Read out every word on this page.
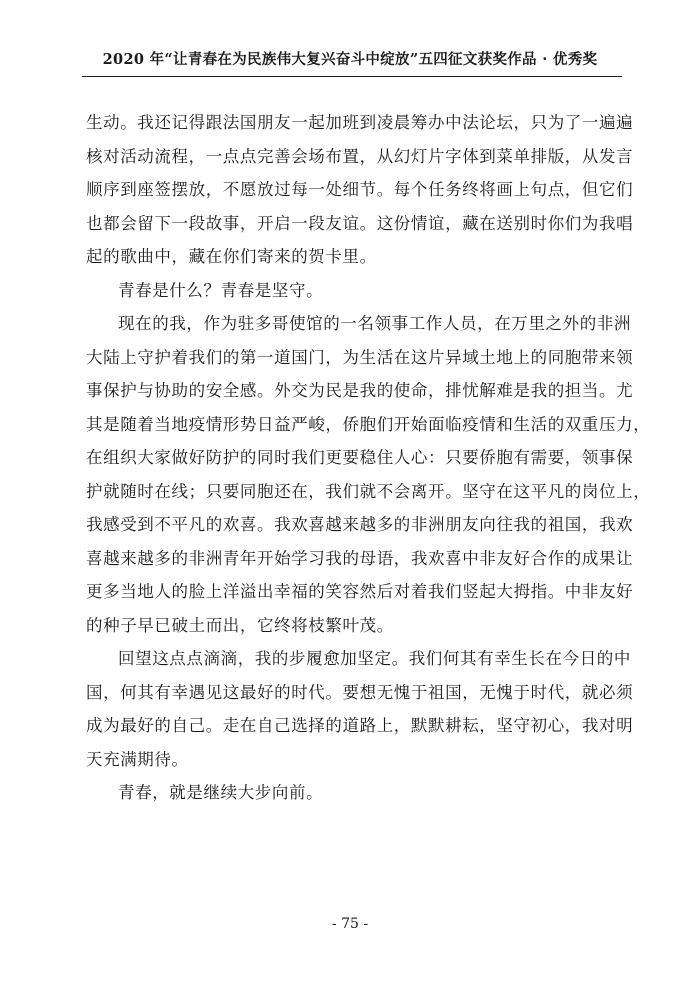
2020 年“让青春在为民族伟大复兴奋斗中绽放”五四征文获奖作品 · 优秀奖
生动。我还记得跟法国朋友一起加班到凌晨筹办中法论坛，只为了一遍遍
核对活动流程，一点点完善会场布置，从幻灯片字体到菜单排版，从发言
顺序到座签摆放，不愿放过每一处细节。每个任务终将画上句点，但它们
也都会留下一段故事，开启一段友谊。这份情谊，藏在送别时你们为我唱
起的歌曲中，藏在你们寄来的贺卡里。
青春是什么？青春是坚守。
现在的我，作为驻多哥使馆的一名领事工作人员，在万里之外的非洲
大陆上守护着我们的第一道国门，为生活在这片异域土地上的同胞带来领
事保护与协助的安全感。外交为民是我的使命，排忧解难是我的担当。尤
其是随着当地疫情形势日益严峻，侨胞们开始面临疫情和生活的双重压力，
在组织大家做好防护的同时我们更要稳住人心：只要侨胞有需要，领事保
护就随时在线；只要同胞还在，我们就不会离开。坚守在这平凡的岗位上，
我感受到不平凡的欢喜。我欢喜越来越多的非洲朋友向往我的祖国，我欢
喜越来越多的非洲青年开始学习我的母语，我欢喜中非友好合作的成果让
更多当地人的脸上洋溢出幸福的笑容然后对着我们竖起大拇指。中非友好
的种子早已破土而出，它终将枝繁叶茂。
回望这点点滴滴，我的步履愈加坚定。我们何其有幸生长在今日的中
国，何其有幸遇见这最好的时代。要想无愧于祖国，无愧于时代，就必须
成为最好的自己。走在自己选择的道路上，默默耕耘，坚守初心，我对明
天充满期待。
青春，就是继续大步向前。
- 75 -
